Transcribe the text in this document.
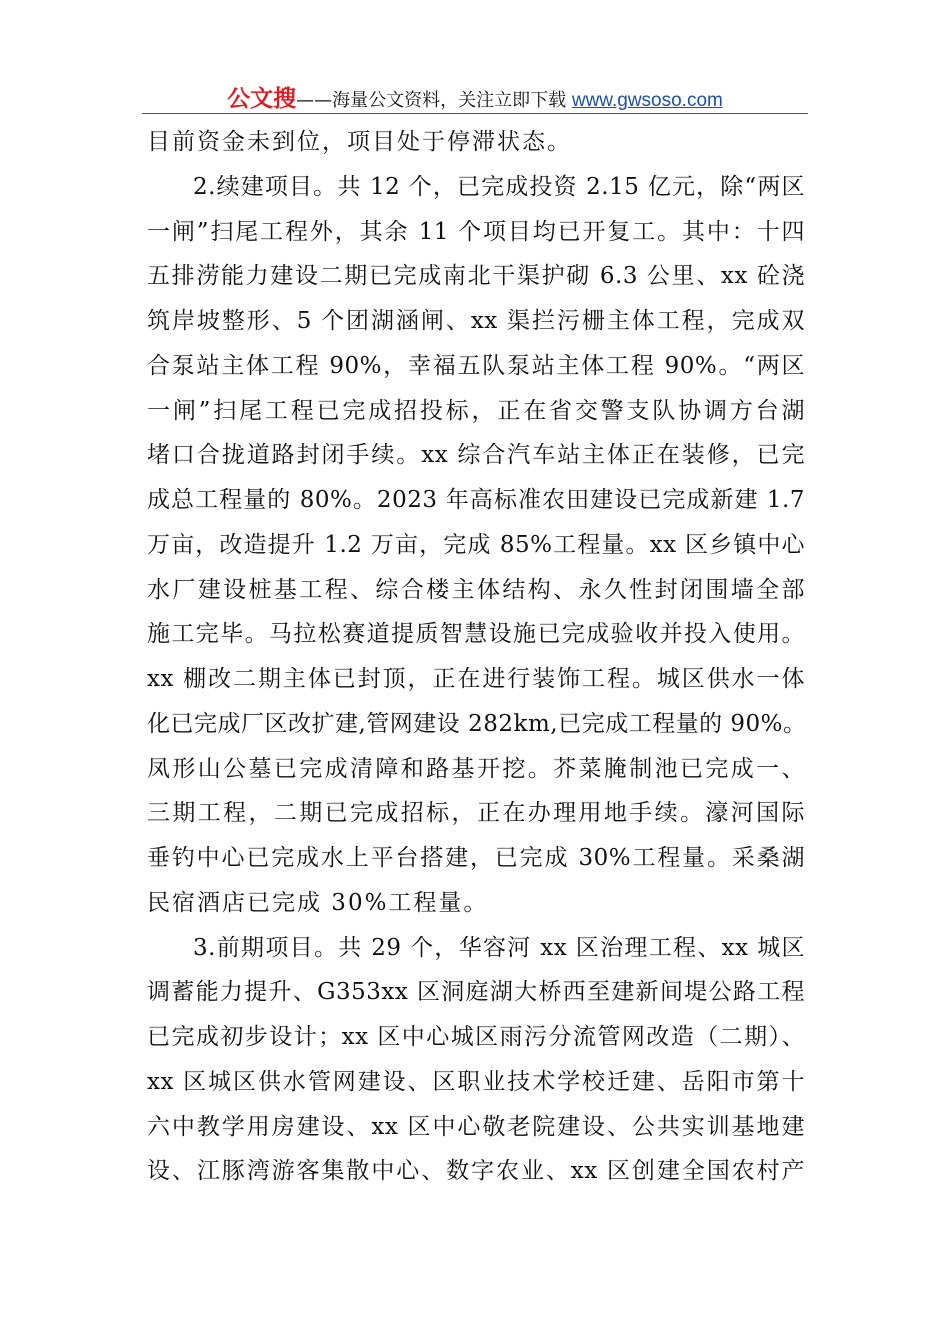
公文搜——海量公文资料，关注立即下载 www.gwsoso.com
目前资金未到位，项目处于停滞状态。
2.续建项目。共 12 个，已完成投资 2.15 亿元，除“两区
一闸”扫尾工程外，其余 11 个项目均已开复工。其中：十四
五排涝能力建设二期已完成南北干渠护砌 6.3 公里、xx 砼浇
筑岸坡整形、5 个团湖涵闸、xx 渠拦污栅主体工程，完成双
合泵站主体工程 90%，幸福五队泵站主体工程 90%。“两区
一闸”扫尾工程已完成招投标，正在省交警支队协调方台湖
堵口合拢道路封闭手续。xx 综合汽车站主体正在装修，已完
成总工程量的 80%。2023 年高标准农田建设已完成新建 1.7
万亩，改造提升 1.2 万亩，完成 85%工程量。xx 区乡镇中心
水厂建设桩基工程、综合楼主体结构、永久性封闭围墙全部
施工完毕。马拉松赛道提质智慧设施已完成验收并投入使用。
xx 棚改二期主体已封顶，正在进行装饰工程。城区供水一体
化已完成厂区改扩建,管网建设 282km,已完成工程量的 90%。
凤形山公墓已完成清障和路基开挖。芥菜腌制池已完成一、
三期工程，二期已完成招标，正在办理用地手续。濠河国际
垂钓中心已完成水上平台搭建，已完成 30%工程量。采桑湖
民宿酒店已完成 30%工程量。
3.前期项目。共 29 个，华容河 xx 区治理工程、xx 城区
调蓄能力提升、G353xx 区洞庭湖大桥西至建新间堤公路工程
已完成初步设计；xx 区中心城区雨污分流管网改造（二期）、
xx 区城区供水管网建设、区职业技术学校迁建、岳阳市第十
六中教学用房建设、xx 区中心敬老院建设、公共实训基地建
设、江豚湾游客集散中心、数字农业、xx 区创建全国农村产
